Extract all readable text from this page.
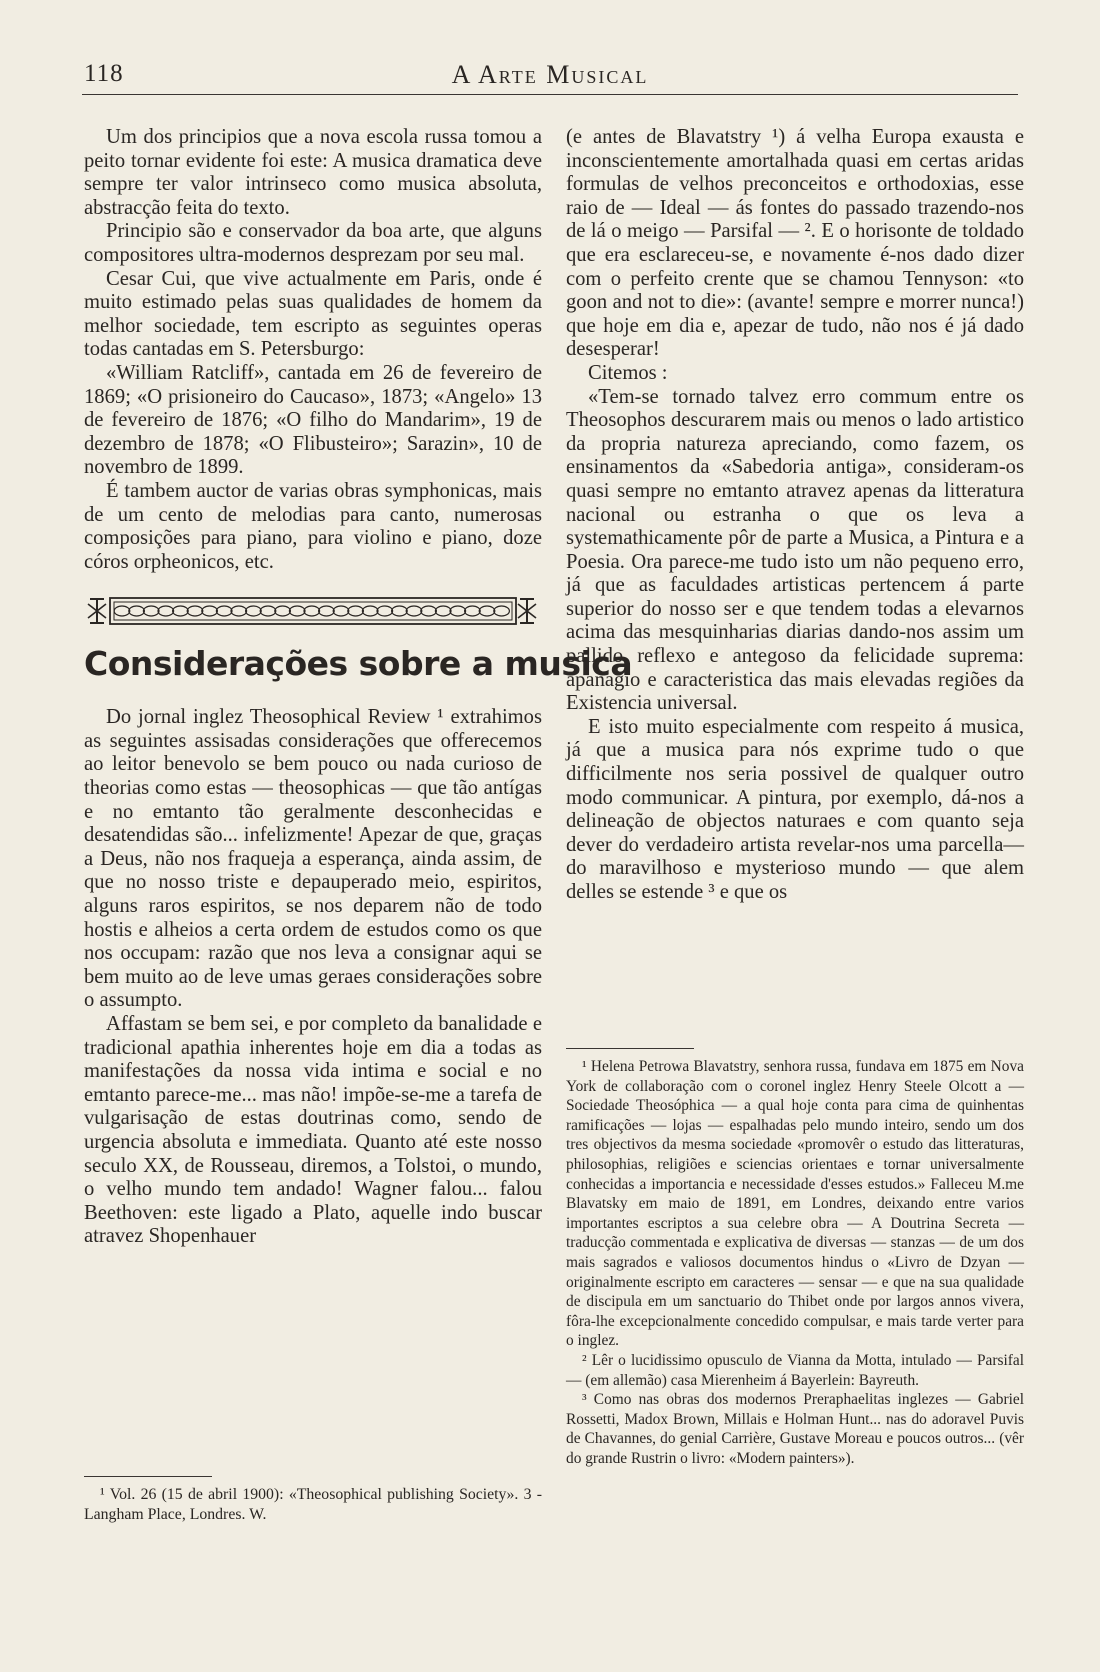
118	A Arte Musical

Um dos principios que a nova escola russa tomou a peito tornar evidente foi este: A musica dramatica deve sempre ter valor intrinseco como musica absoluta, abstracção feita do texto.

Principio são e conservador da boa arte, que alguns compositores ultra-modernos desprezam por seu mal.

Cesar Cui, que vive actualmente em Paris, onde é muito estimado pelas suas qualidades de homem da melhor sociedade, tem escripto as seguintes operas todas cantadas em S. Petersburgo:

«William Ratcliff», cantada em 26 de fevereiro de 1869; «O prisioneiro do Caucaso», 1873; «Angelo» 13 de fevereiro de 1876; «O filho do Mandarim», 19 de dezembro de 1878; «O Flibusteiro»; Sarazin», 10 de novembro de 1899.

É tambem auctor de varias obras symphonicas, mais de um cento de melodias para canto, numerosas composições para piano, para violino e piano, doze córos orpheonicos, etc.

Considerações sobre a musica

Do jornal inglez Theosophical Review ¹ extrahimos as seguintes assisadas considerações que offerecemos ao leitor benevolo se bem pouco ou nada curioso de theorias como estas — theosophicas — que tão antígas e no emtanto tão geralmente desconhecidas e desatendidas são... infelizmente! Apezar de que, graças a Deus, não nos fraqueja a esperança, ainda assim, de que no nosso triste e depauperado meio, espiritos, alguns raros espiritos, se nos deparem não de todo hostis e alheios a certa ordem de estudos como os que nos occupam: razão que nos leva a consignar aqui se bem muito ao de leve umas geraes considerações sobre o assumpto.

Affastam se bem sei, e por completo da banalidade e tradicional apathia inherentes hoje em dia a todas as manifestações da nossa vida intima e social e no emtanto parece-me... mas não! impõe-se-me a tarefa de vulgarisação de estas doutrinas como, sendo de urgencia absoluta e immediata. Quanto até este nosso seculo XX, de Rousseau, diremos, a Tolstoi, o mundo, o velho mundo tem andado! Wagner falou... falou Beethoven: este ligado a Plato, aquelle indo buscar atravez Shopenhauer

¹ Vol. 26 (15 de abril 1900): «Theosophical publishing Society». 3 - Langham Place, Londres. W.

(e antes de Blavatstry ¹) á velha Europa exausta e inconscientemente amortalhada quasi em certas aridas formulas de velhos preconceitos e orthodoxias, esse raio de — Ideal — ás fontes do passado trazendo-nos de lá o meigo — Parsifal — ². E o horisonte de toldado que era esclareceu-se, e novamente é-nos dado dizer com o perfeito crente que se chamou Tennyson: «to goon and not to die»: (avante! sempre e morrer nunca!) que hoje em dia e, apezar de tudo, não nos é já dado desesperar!

Citemos :

«Tem-se tornado talvez erro commum entre os Theosophos descurarem mais ou menos o lado artistico da propria natureza apreciando, como fazem, os ensinamentos da «Sabedoria antiga», consideram-os quasi sempre no emtanto atravez apenas da litteratura nacional ou estranha o que os leva a systemathicamente pôr de parte a Musica, a Pintura e a Poesia. Ora parece-me tudo isto um não pequeno erro, já que as faculdades artisticas pertencem á parte superior do nosso ser e que tendem todas a elevarnos acima das mesquinharias diarias dando-nos assim um pallido reflexo e antegoso da felicidade suprema: apanagio e caracteristica das mais elevadas regiões da Existencia universal.

E isto muito especialmente com respeito á musica, já que a musica para nós exprime tudo o que difficilmente nos seria possivel de qualquer outro modo communicar. A pintura, por exemplo, dá-nos a delineação de objectos naturaes e com quanto seja dever do verdadeiro artista revelar-nos uma parcella—do maravilhoso e mysterioso mundo — que alem delles se estende ³ e que os

¹ Helena Petrowa Blavatstry, senhora russa, fundava em 1875 em Nova York de collaboração com o coronel inglez Henry Steele Olcott a — Sociedade Theosóphica — a qual hoje conta para cima de quinhentas ramificações — lojas — espalhadas pelo mundo inteiro, sendo um dos tres objectivos da mesma sociedade «promovêr o estudo das litteraturas, philosophias, religiões e sciencias orientaes e tornar universalmente conhecidas a importancia e necessidade d'esses estudos.» Falleceu M.me Blavatsky em maio de 1891, em Londres, deixando entre varios importantes escriptos a sua celebre obra — A Doutrina Secreta — traducção commentada e explicativa de diversas — stanzas — de um dos mais sagrados e valiosos documentos hindus o «Livro de Dzyan — originalmente escripto em caracteres — sensar — e que na sua qualidade de discipula em um sanctuario do Thibet onde por largos annos vivera, fôra-lhe excepcionalmente concedido compulsar, e mais tarde verter para o inglez.

² Lêr o lucidissimo opusculo de Vianna da Motta, intulado — Parsifal — (em allemão) casa Mierenheim á Bayerlein: Bayreuth.

³ Como nas obras dos modernos Preraphaelitas inglezes — Gabriel Rossetti, Madox Brown, Millais e Holman Hunt... nas do adoravel Puvis de Chavannes, do genial Carrière, Gustave Moreau e poucos outros... (vêr do grande Rustrin o livro: «Modern painters»).
